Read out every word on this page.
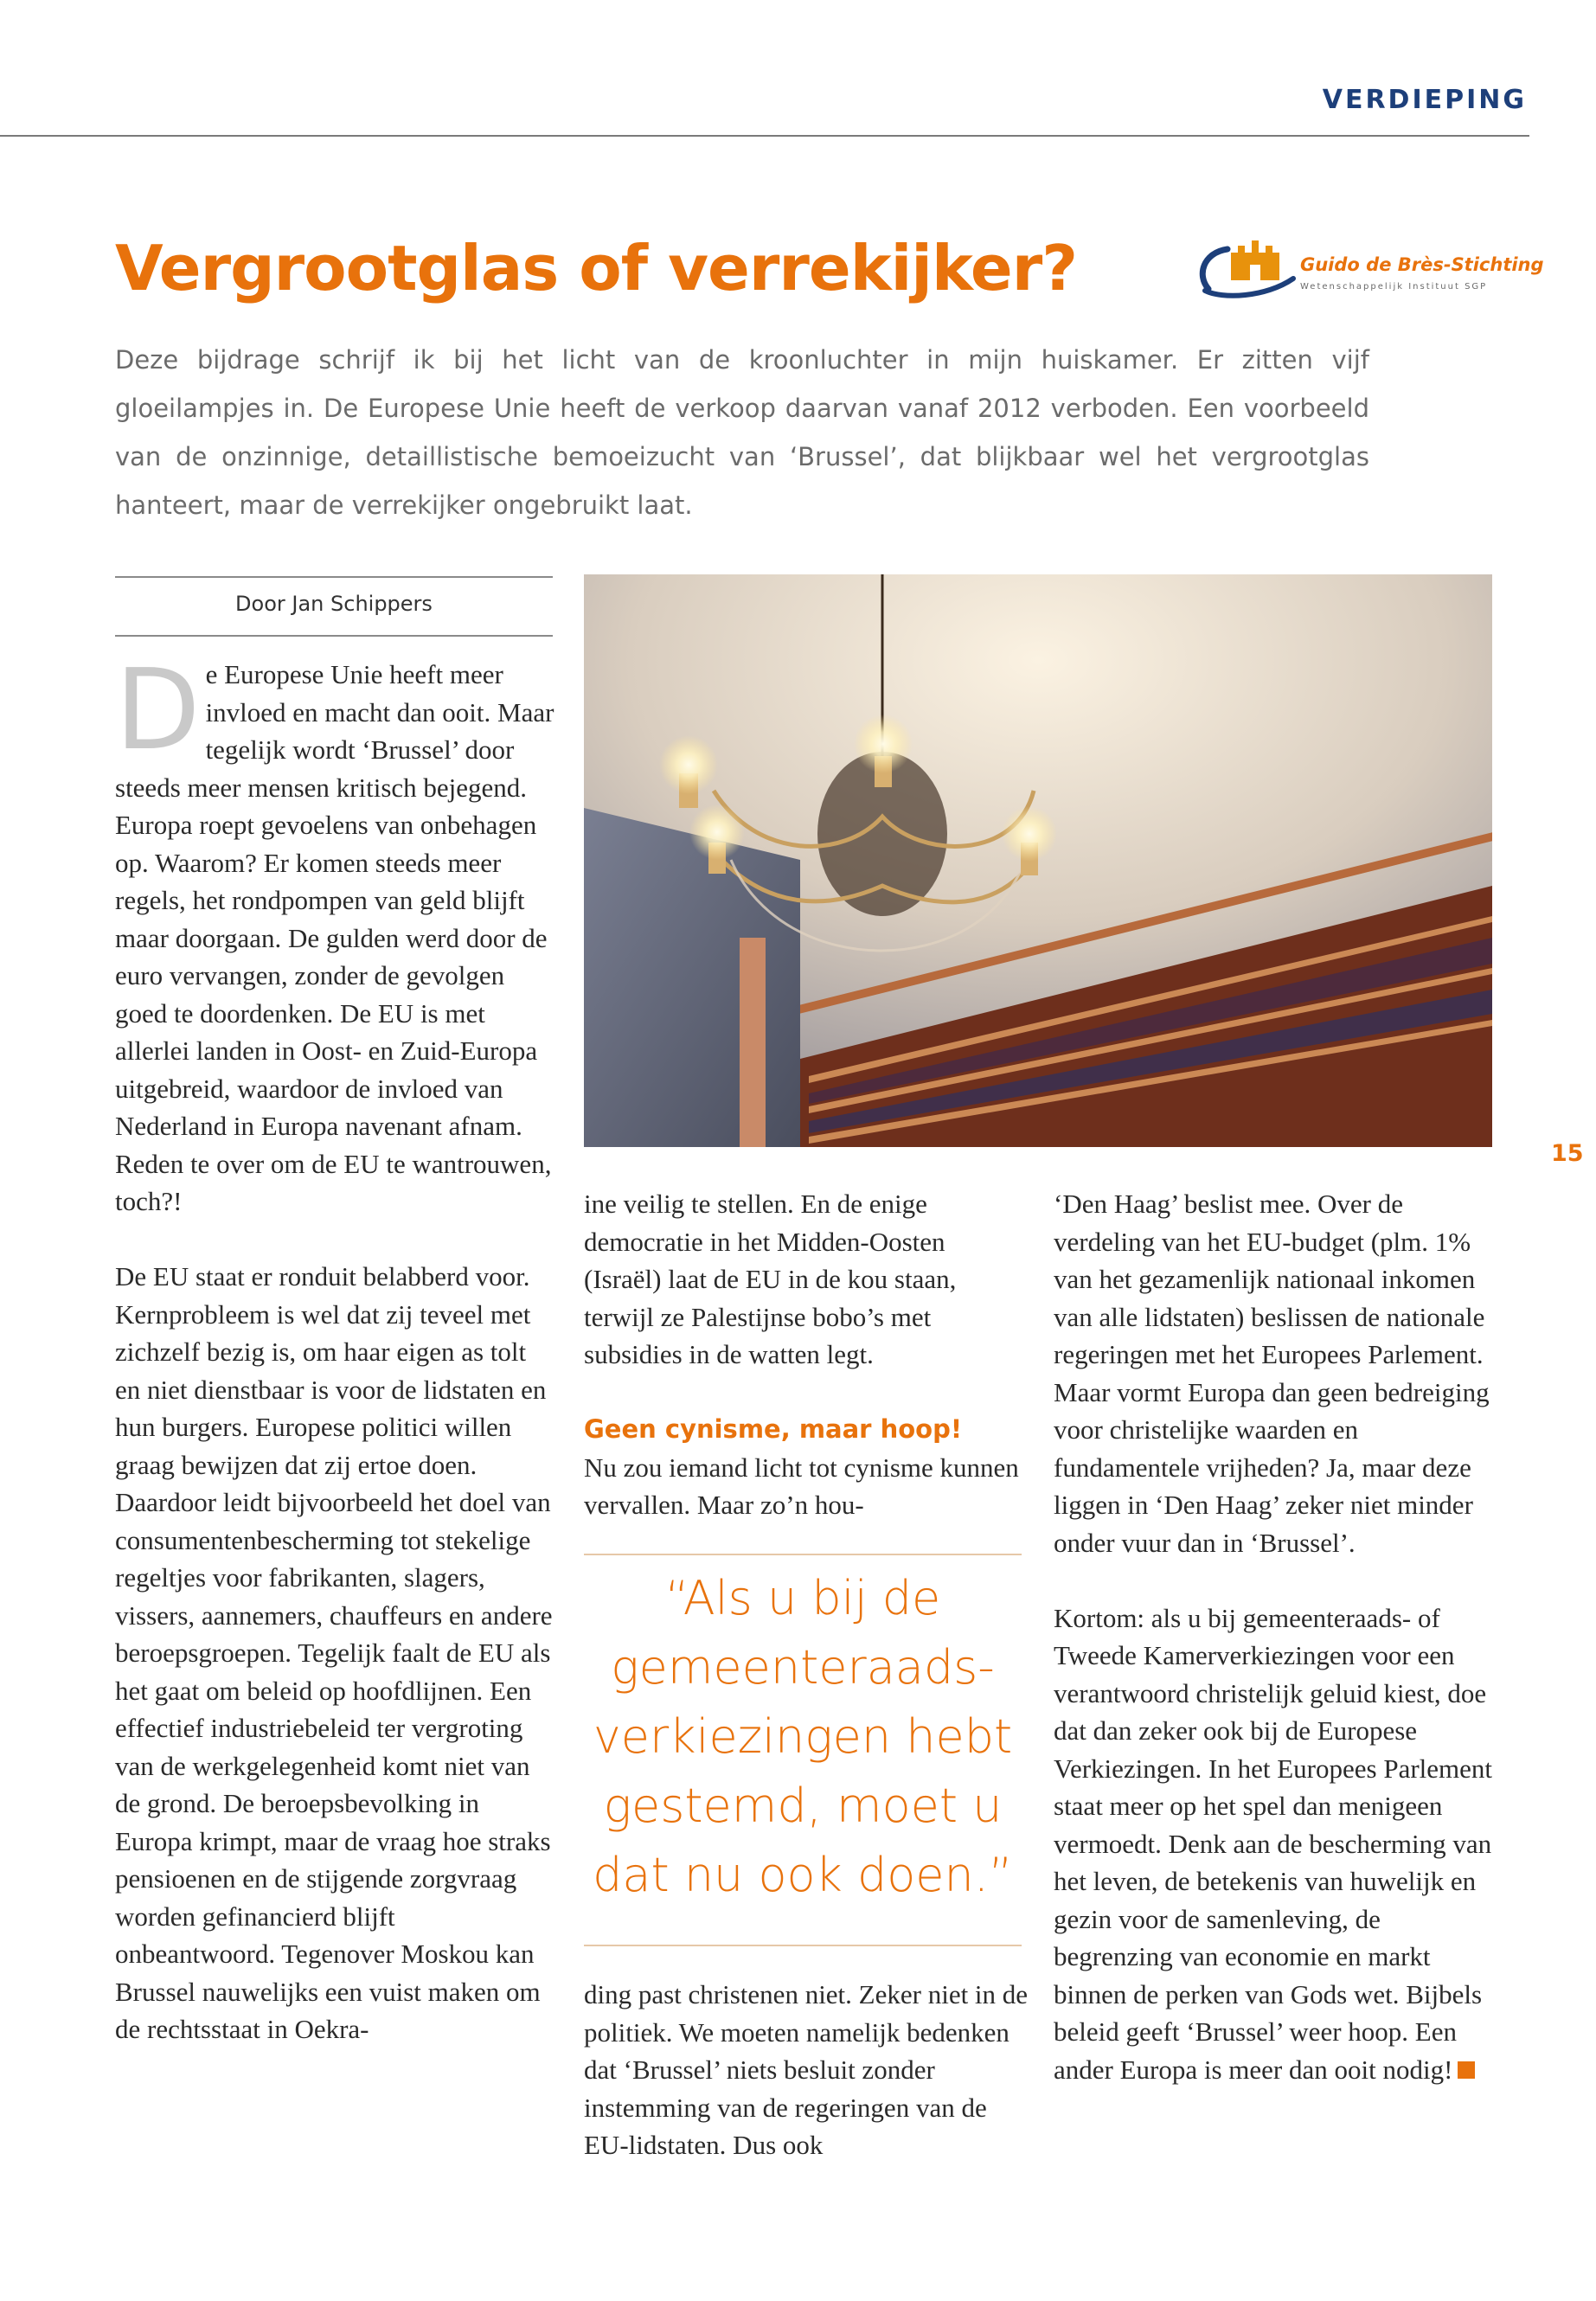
VERDIEPING
Vergrootglas of verrekijker?	Guido de Brès-Stichting
Wetenschappelijk Instituut SGP

Deze bijdrage schrijf ik bij het licht van de kroonluchter in mijn huiskamer. Er zitten vijf gloeilampjes in. De Europese Unie heeft de verkoop daarvan vanaf 2012 verboden. Een voorbeeld van de onzinnige, detaillistische bemoeizucht van ‘Brussel’, dat blijkbaar wel het vergrootglas hanteert, maar de verrekijker ongebruikt laat.

Door Jan Schippers
D e Europese Unie heeft meer invloed en macht dan ooit. Maar tegelijk wordt ‘Brussel’ door steeds meer mensen kritisch bejegend. Europa roept gevoelens van onbehagen op. Waarom? Er komen steeds meer regels, het rondpompen van geld blijft maar doorgaan. De gulden werd door de euro vervangen, zonder de gevolgen goed te doordenken. De EU is met allerlei landen in Oost- en Zuid-Europa uitgebreid, waardoor de invloed van Nederland in Europa navenant afnam. Reden te over om de EU te wantrouwen, toch?!

De EU staat er ronduit belabberd voor. Kernprobleem is wel dat zij teveel met zichzelf bezig is, om haar eigen as tolt en niet dienstbaar is voor de lidstaten en hun burgers. Europese politici willen graag bewijzen dat zij ertoe doen. Daardoor leidt bijvoorbeeld het doel van consumentenbescherming tot stekelige regeltjes voor fabrikanten, slagers, vissers, aannemers, chauffeurs en andere beroepsgroepen. Tegelijk faalt de EU als het gaat om beleid op hoofdlijnen. Een effectief industriebeleid ter vergroting van de werkgelegenheid komt niet van de grond. De beroepsbevolking in Europa krimpt, maar de vraag hoe straks pensioenen en de stijgende zorgvraag worden gefinancierd blijft onbeantwoord. Tegenover Moskou kan Brussel nauwelijks een vuist maken om de rechtsstaat in Oekra-

ine veilig te stellen. En de enige democratie in het Midden-Oosten (Israël) laat de EU in de kou staan, terwijl ze Palestijnse bobo’s met subsidies in de watten legt.

Geen cynisme, maar hoop!

Nu zou iemand licht tot cynisme kunnen vervallen. Maar zo’n hou-

“Als u bij de gemeenteraads-verkiezingen hebt gestemd, moet u dat nu ook doen.”

ding past christenen niet. Zeker niet in de politiek. We moeten namelijk bedenken dat ‘Brussel’ niets besluit zonder instemming van de regeringen van de EU-lidstaten. Dus ook

‘Den Haag’ beslist mee. Over de verdeling van het EU-budget (plm. 1% van het gezamenlijk nationaal inkomen van alle lidstaten) beslissen de nationale regeringen met het Europees Parlement. Maar vormt Europa dan geen bedreiging voor christelijke waarden en fundamentele vrijheden? Ja, maar deze liggen in ‘Den Haag’ zeker niet minder onder vuur dan in ‘Brussel’.

Kortom: als u bij gemeenteraads- of Tweede Kamerverkiezingen voor een verantwoord christelijk geluid kiest, doe dat dan zeker ook bij de Europese Verkiezingen. In het Europees Parlement staat meer op het spel dan menigeen vermoedt. Denk aan de bescherming van het leven, de betekenis van huwelijk en gezin voor de samenleving, de begrenzing van economie en markt binnen de perken van Gods wet. Bijbels beleid geeft ‘Brussel’ weer hoop. Een ander Europa is meer dan ooit nodig!

15
